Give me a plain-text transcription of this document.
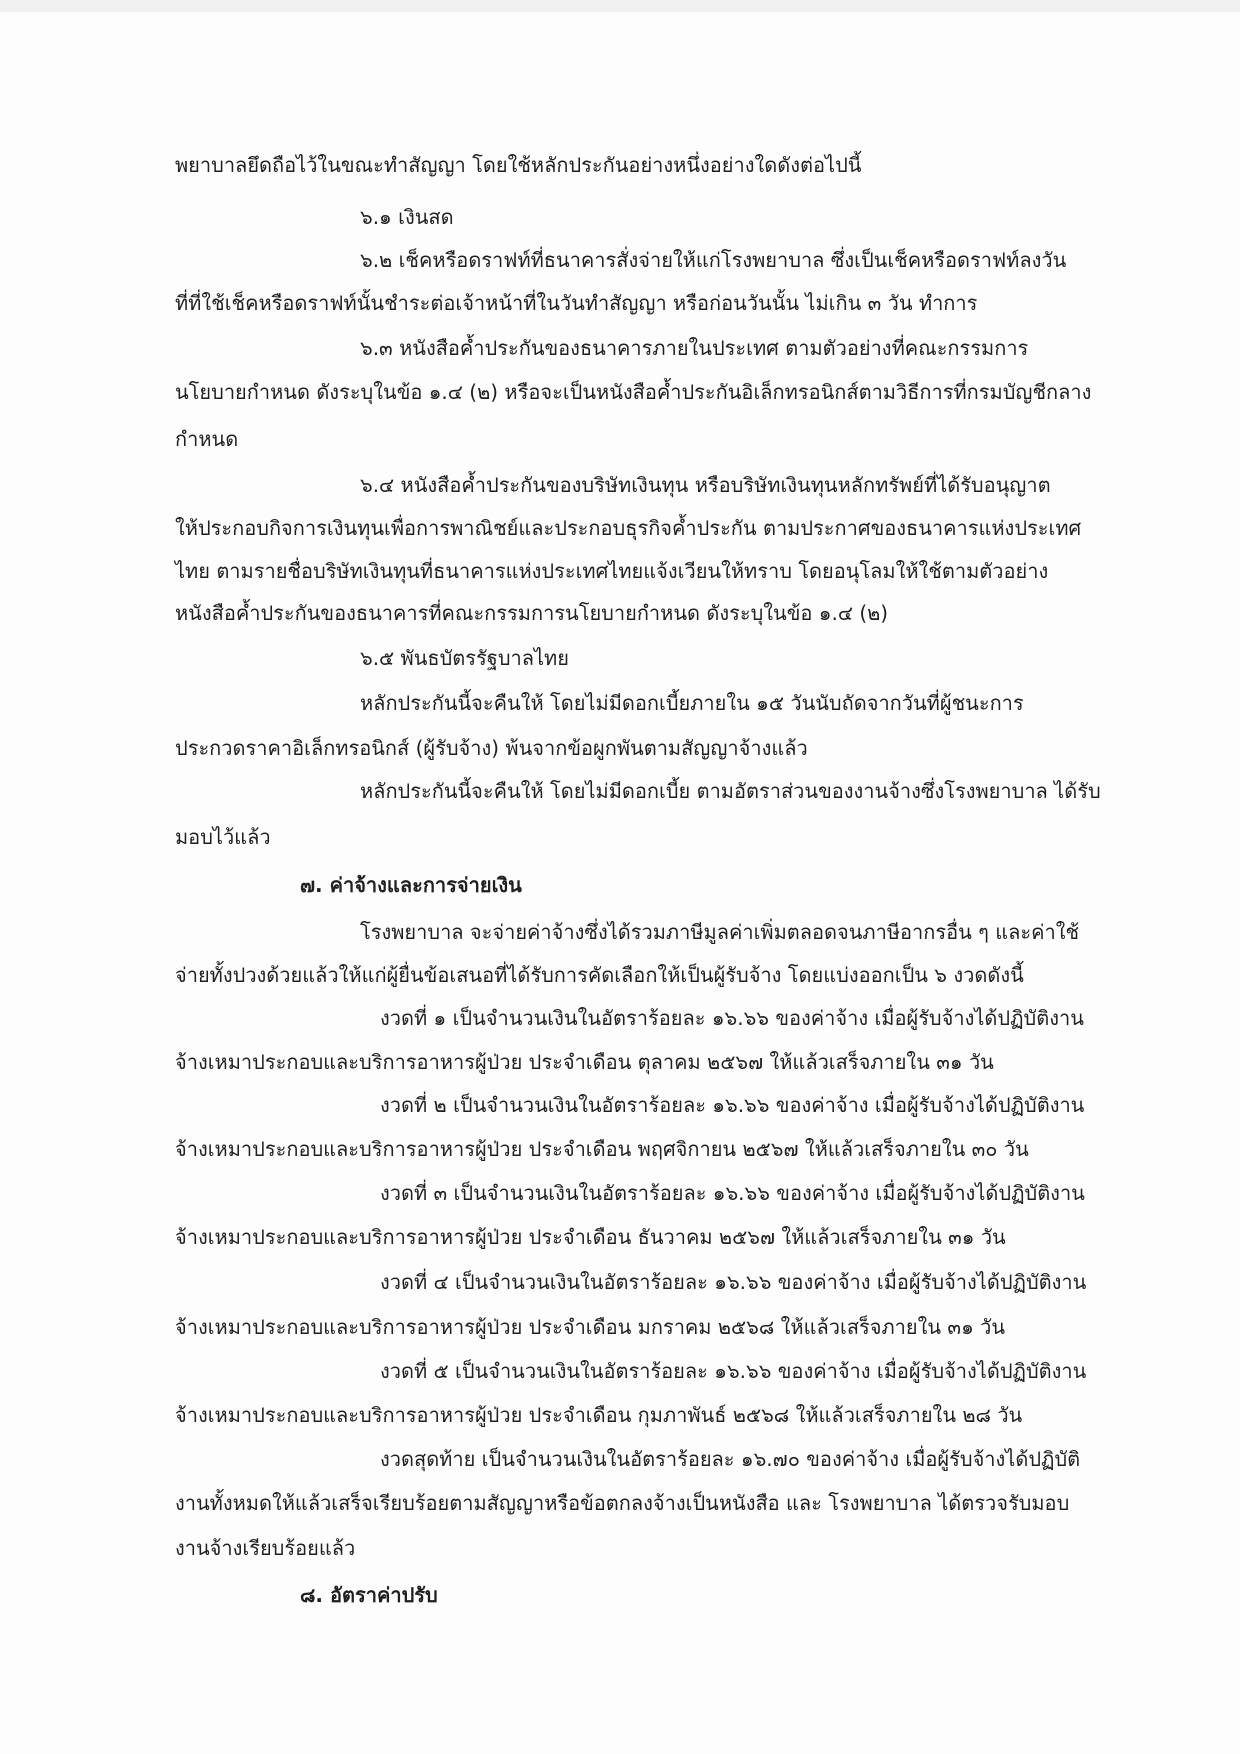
พยาบาลยึดถือไว้ในขณะทำสัญญา โดยใช้หลักประกันอย่างหนึ่งอย่างใดดังต่อไปนี้
๖.๑ เงินสด
๖.๒ เช็คหรือดราฟท์ที่ธนาคารสั่งจ่ายให้แก่โรงพยาบาล ซึ่งเป็นเช็คหรือดราฟท์ลงวัน
ที่ที่ใช้เช็คหรือดราฟท์นั้นชำระต่อเจ้าหน้าที่ในวันทำสัญญา หรือก่อนวันนั้น ไม่เกิน ๓ วัน ทำการ
๖.๓ หนังสือค้ำประกันของธนาคารภายในประเทศ ตามตัวอย่างที่คณะกรรมการ
นโยบายกำหนด ดังระบุในข้อ ๑.๔ (๒) หรือจะเป็นหนังสือค้ำประกันอิเล็กทรอนิกส์ตามวิธีการที่กรมบัญชีกลาง
กำหนด
๖.๔ หนังสือค้ำประกันของบริษัทเงินทุน หรือบริษัทเงินทุนหลักทรัพย์ที่ได้รับอนุญาต
ให้ประกอบกิจการเงินทุนเพื่อการพาณิชย์และประกอบธุรกิจค้ำประกัน ตามประกาศของธนาคารแห่งประเทศ
ไทย ตามรายชื่อบริษัทเงินทุนที่ธนาคารแห่งประเทศไทยแจ้งเวียนให้ทราบ โดยอนุโลมให้ใช้ตามตัวอย่าง
หนังสือค้ำประกันของธนาคารที่คณะกรรมการนโยบายกำหนด ดังระบุในข้อ ๑.๔ (๒)
๖.๕ พันธบัตรรัฐบาลไทย
หลักประกันนี้จะคืนให้ โดยไม่มีดอกเบี้ยภายใน ๑๕ วันนับถัดจากวันที่ผู้ชนะการ
ประกวดราคาอิเล็กทรอนิกส์ (ผู้รับจ้าง) พ้นจากข้อผูกพันตามสัญญาจ้างแล้ว
หลักประกันนี้จะคืนให้ โดยไม่มีดอกเบี้ย ตามอัตราส่วนของงานจ้างซึ่งโรงพยาบาล ได้รับ
มอบไว้แล้ว
๗. ค่าจ้างและการจ่ายเงิน
โรงพยาบาล จะจ่ายค่าจ้างซึ่งได้รวมภาษีมูลค่าเพิ่มตลอดจนภาษีอากรอื่น ๆ และค่าใช้
จ่ายทั้งปวงด้วยแล้วให้แก่ผู้ยื่นข้อเสนอที่ได้รับการคัดเลือกให้เป็นผู้รับจ้าง โดยแบ่งออกเป็น ๖ งวดดังนี้
งวดที่ ๑ เป็นจำนวนเงินในอัตราร้อยละ ๑๖.๖๖ ของค่าจ้าง เมื่อผู้รับจ้างได้ปฏิบัติงาน
จ้างเหมาประกอบและบริการอาหารผู้ป่วย ประจำเดือน ตุลาคม ๒๕๖๗ ให้แล้วเสร็จภายใน ๓๑ วัน
งวดที่ ๒ เป็นจำนวนเงินในอัตราร้อยละ ๑๖.๖๖ ของค่าจ้าง เมื่อผู้รับจ้างได้ปฏิบัติงาน
จ้างเหมาประกอบและบริการอาหารผู้ป่วย ประจำเดือน พฤศจิกายน ๒๕๖๗ ให้แล้วเสร็จภายใน ๓๐ วัน
งวดที่ ๓ เป็นจำนวนเงินในอัตราร้อยละ ๑๖.๖๖ ของค่าจ้าง เมื่อผู้รับจ้างได้ปฏิบัติงาน
จ้างเหมาประกอบและบริการอาหารผู้ป่วย ประจำเดือน ธันวาคม ๒๕๖๗ ให้แล้วเสร็จภายใน ๓๑ วัน
งวดที่ ๔ เป็นจำนวนเงินในอัตราร้อยละ ๑๖.๖๖ ของค่าจ้าง เมื่อผู้รับจ้างได้ปฏิบัติงาน
จ้างเหมาประกอบและบริการอาหารผู้ป่วย ประจำเดือน มกราคม ๒๕๖๘ ให้แล้วเสร็จภายใน ๓๑ วัน
งวดที่ ๕ เป็นจำนวนเงินในอัตราร้อยละ ๑๖.๖๖ ของค่าจ้าง เมื่อผู้รับจ้างได้ปฏิบัติงาน
จ้างเหมาประกอบและบริการอาหารผู้ป่วย ประจำเดือน กุมภาพันธ์ ๒๕๖๘ ให้แล้วเสร็จภายใน ๒๘ วัน
งวดสุดท้าย เป็นจำนวนเงินในอัตราร้อยละ ๑๖.๗๐ ของค่าจ้าง เมื่อผู้รับจ้างได้ปฏิบัติ
งานทั้งหมดให้แล้วเสร็จเรียบร้อยตามสัญญาหรือข้อตกลงจ้างเป็นหนังสือ และ โรงพยาบาล ได้ตรวจรับมอบ
งานจ้างเรียบร้อยแล้ว
๘. อัตราค่าปรับ
